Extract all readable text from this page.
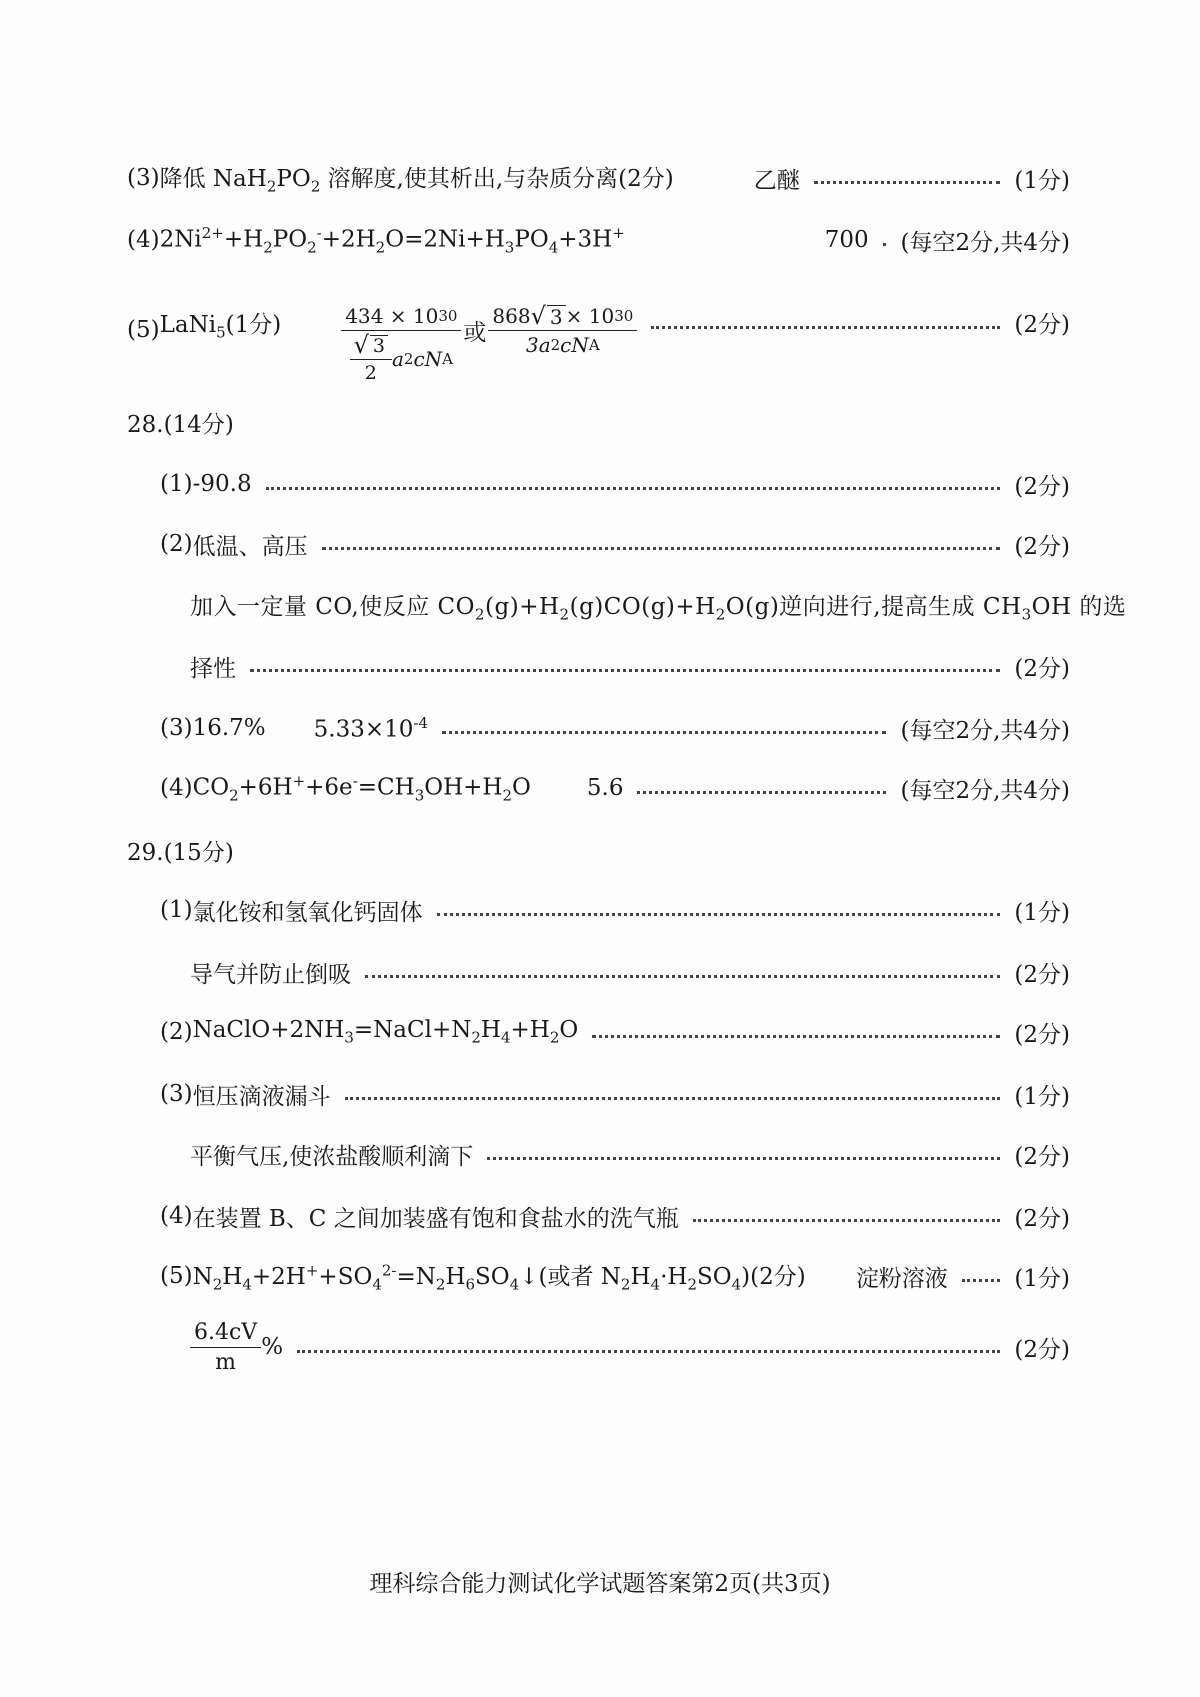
(3) 降低 $NaH_2PO_2$ 溶解度,使其析出,与杂质分离(2分)	乙醚	(1分)
(4) $2Ni^{2+}+H_2PO_2^-+2H_2O=2Ni+H_3PO_4+3H^+$	700 (每空2分,共4分)
(5) LaNi$_5$(1分)	$\frac{434 \times 10 30}{\frac{√ 3}{2} a 2 cN A}$ 或 $\frac{868 √ 3 \times 10 30}{\text{3a 2 cN A}}$	(2分)
28.(14分)
(1) -90.8	(2分)
(2) 低温、高压	(2分)
加入一定量 CO,使反应 $CO_2(g)+H_2(g)CO(g)+H_2O(g)$逆向进行,提高生成 $CH_3OH$ 的选
择性	(2分)
(3) 16.7% $5.33\times 10^{-4}$	(每空2分,共4分)
(4) $CO_2+6H^++6e^-=CH_3OH+H_2O$ 5.6	(每空2分,共4分)
29.(15分)
(1) 氯化铵和氢氧化钙固体	(1分)
导气并防止倒吸	(2分)
(2) $NaClO+2NH_3=NaCl+N_2H_4+H_2O$	(2分)
(3) 恒压滴液漏斗	(1分)
平衡气压,使浓盐酸顺利滴下	(2分)
(4) 在装置 B、C 之间加装盛有饱和食盐水的洗气瓶	(2分)
(5) $N_2H_4+2H^++SO_4^{2-}=N_2H_6SO_4↓$(或者 $N_2H_4\cdot H_2SO_4)(2$分) 淀粉溶液	(1分)
$\frac{6.4cV}{m}$ %	(2分)
理科综合能力测试化学试题答案第2页(共3页)
